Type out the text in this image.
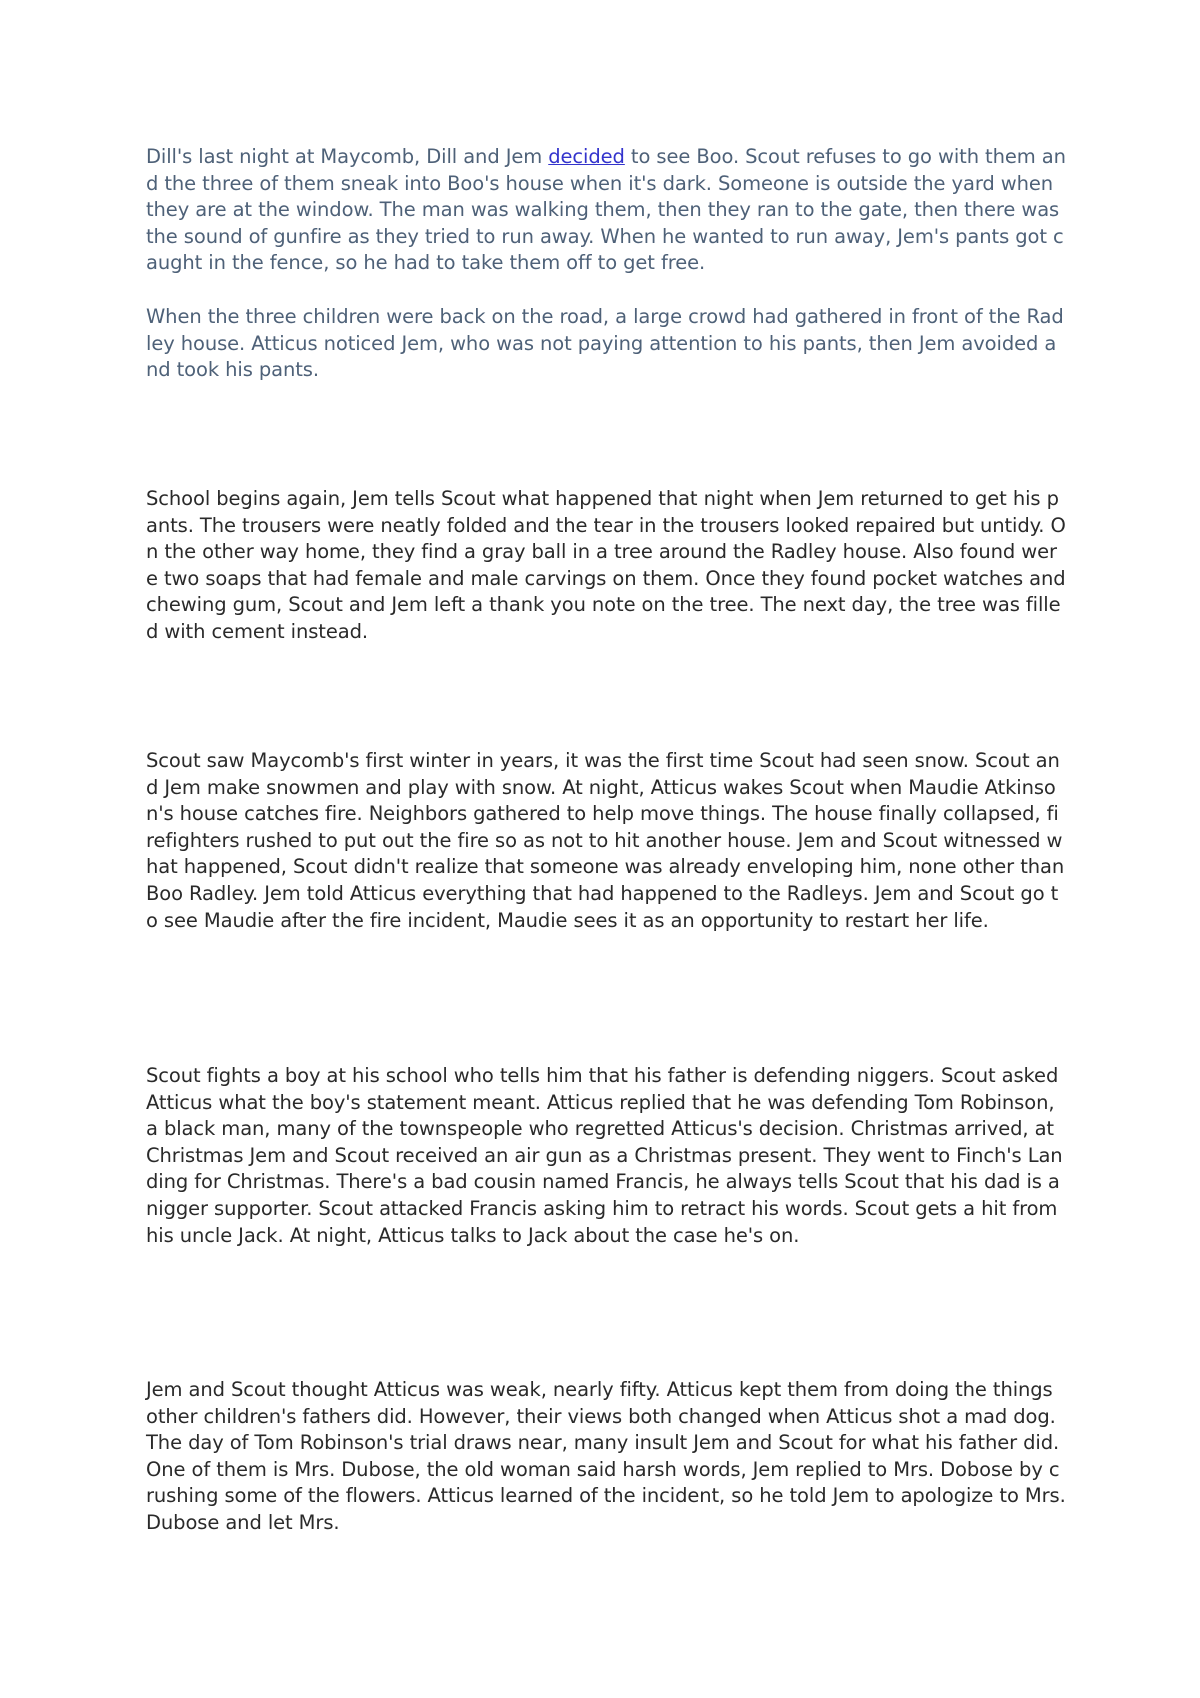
Dill's last night at Maycomb, Dill and Jem decided to see Boo. Scout refuses to go with them and the three of them sneak into Boo's house when it's dark. Someone is outside the yard when they are at the window. The man was walking them, then they ran to the gate, then there was the sound of gunfire as they tried to run away. When he wanted to run away, Jem's pants got caught in the fence, so he had to take them off to get free.

When the three children were back on the road, a large crowd had gathered in front of the Radley house. Atticus noticed Jem, who was not paying attention to his pants, then Jem avoided and took his pants.

School begins again, Jem tells Scout what happened that night when Jem returned to get his pants. The trousers were neatly folded and the tear in the trousers looked repaired but untidy. On the other way home, they find a gray ball in a tree around the Radley house. Also found were two soaps that had female and male carvings on them. Once they found pocket watches and chewing gum, Scout and Jem left a thank you note on the tree. The next day, the tree was filled with cement instead.

Scout saw Maycomb's first winter in years, it was the first time Scout had seen snow. Scout and Jem make snowmen and play with snow. At night, Atticus wakes Scout when Maudie Atkinson's house catches fire. Neighbors gathered to help move things. The house finally collapsed, firefighters rushed to put out the fire so as not to hit another house. Jem and Scout witnessed what happened, Scout didn't realize that someone was already enveloping him, none other than Boo Radley. Jem told Atticus everything that had happened to the Radleys. Jem and Scout go to see Maudie after the fire incident, Maudie sees it as an opportunity to restart her life.

Scout fights a boy at his school who tells him that his father is defending niggers. Scout asked Atticus what the boy's statement meant. Atticus replied that he was defending Tom Robinson, a black man, many of the townspeople who regretted Atticus's decision. Christmas arrived, at Christmas Jem and Scout received an air gun as a Christmas present. They went to Finch's Landing for Christmas. There's a bad cousin named Francis, he always tells Scout that his dad is a nigger supporter. Scout attacked Francis asking him to retract his words. Scout gets a hit from his uncle Jack. At night, Atticus talks to Jack about the case he's on.

Jem and Scout thought Atticus was weak, nearly fifty. Atticus kept them from doing the things other children's fathers did. However, their views both changed when Atticus shot a mad dog. The day of Tom Robinson's trial draws near, many insult Jem and Scout for what his father did. One of them is Mrs. Dubose, the old woman said harsh words, Jem replied to Mrs. Dobose by crushing some of the flowers. Atticus learned of the incident, so he told Jem to apologize to Mrs. Dubose and let Mrs.
